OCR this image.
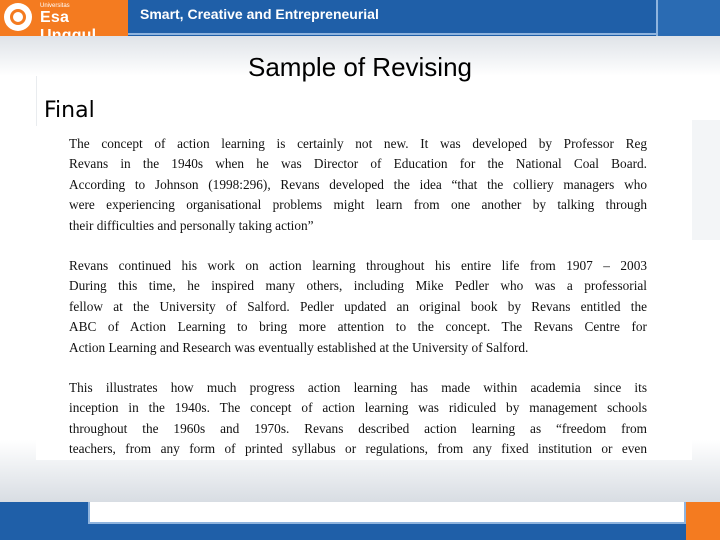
Universitas
Esa	Smart, Creative and Entrepreneurial
Sample of Revising
Final

The concept of action learning is certainly not new. It was developed by Professor Reg
Revans in the 1940s when he was Director of Education for the National Coal Board.
According to Johnson (1998:296), Revans developed the idea “that the colliery managers who
were experiencing organisational problems might learn from one another by talking through
their difficulties and personally taking action”

Revans continued his work on action learning throughout his entire life from 1907 – 2003
During this time, he inspired many others, including Mike Pedler who was a professorial
fellow at the University of Salford. Pedler updated an original book by Revans entitled the
ABC of Action Learning to bring more attention to the concept. The Revans Centre for
Action Learning and Research was eventually established at the University of Salford.

This illustrates how much progress action learning has made within academia since its
inception in the 1940s. The concept of action learning was ridiculed by management schools
throughout the 1960s and 1970s. Revans described action learning as “freedom from
teachers, from any form of printed syllabus or regulations, from any fixed institution or even
